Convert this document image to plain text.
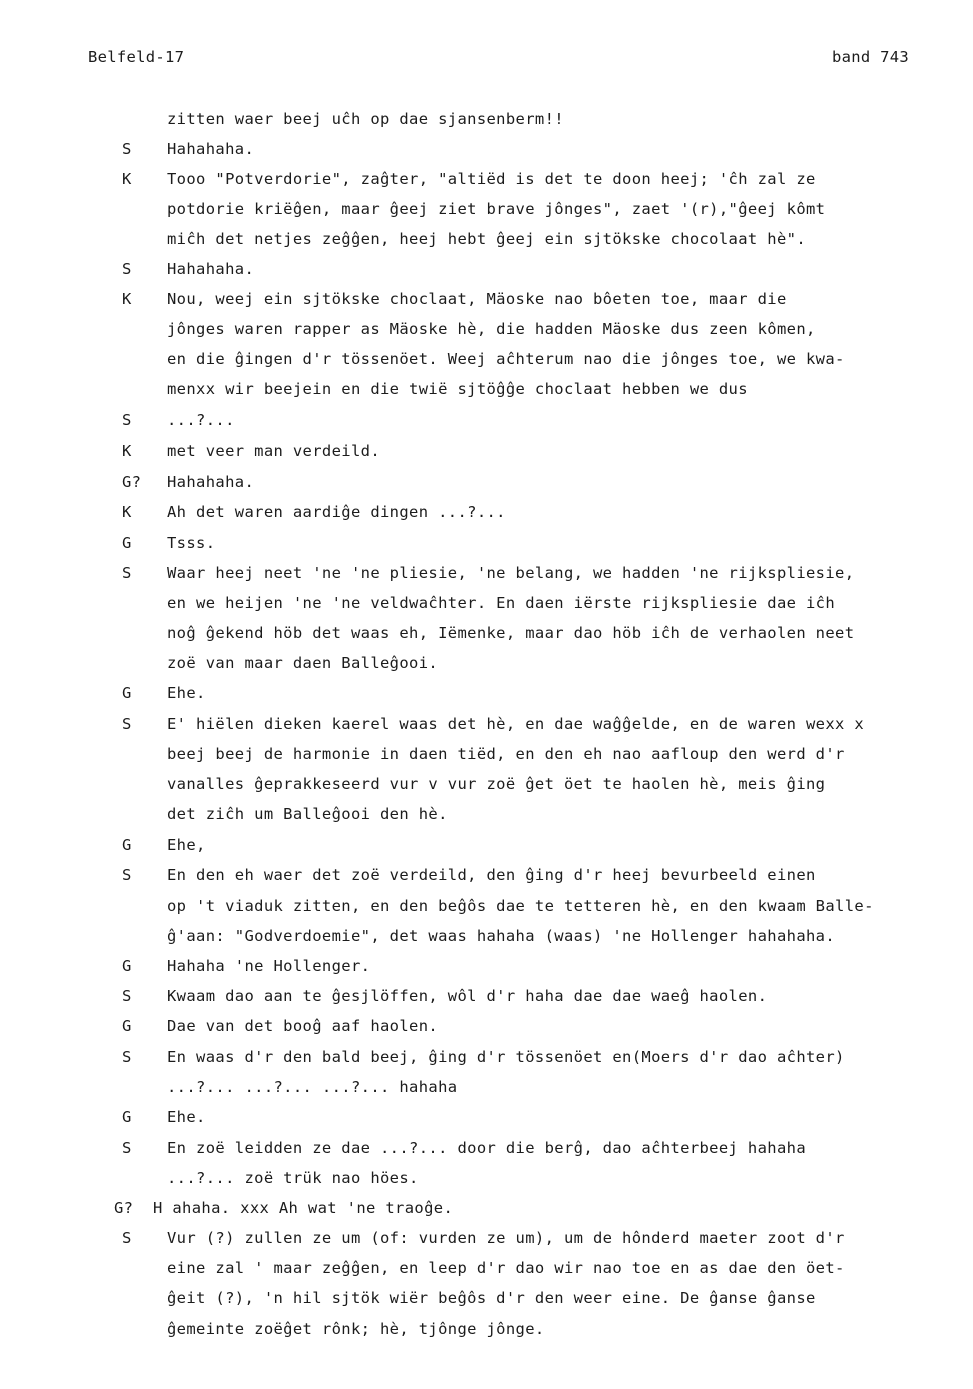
Belfeld-17	band 743
zitten waer beej uĉh op dae sjansenberm!!
S Hahahaha.
K Tooo "Potverdorie", zaĝter, "altiëd is det te doon heej; 'ĉh zal ze
potdorie kriëĝen, maar ĝeej ziet brave jônges", zaet '(r),"ĝeej kômt
miĉh det netjes zeĝĝen, heej hebt ĝeej ein sjtökske chocolaat hè".
S Hahahaha.
K Nou, weej ein sjtökske choclaat, Mäoske nao bôeten toe, maar die
jônges waren rapper as Mäoske hè, die hadden Mäoske dus zeen kômen,
en die ĝingen d'r tössenöet. Weej aĉhterum nao die jônges toe, we kwa-
menxx wir beejein en die twië sjtöĝĝe choclaat hebben we dus
S ...?...
K met veer man verdeild.
G? Hahahaha.
K Ah det waren aardiĝe dingen ...?...
G Tsss.
S Waar heej neet 'ne 'ne pliesie, 'ne belang, we hadden 'ne rijkspliesie,
en we heijen 'ne 'ne veldwaĉhter. En daen iërste rijkspliesie dae iĉh
noĝ ĝekend höb det waas eh, Iëmenke, maar dao höb iĉh de verhaolen neet
zoë van maar daen Balleĝooi.
G Ehe.
S E' hiëlen dieken kaerel waas det hè, en dae waĝĝelde, en de waren wexx x
beej beej de harmonie in daen tiëd, en den eh nao aafloup den werd d'r
vanalles ĝeprakkeseerd vur v vur zoë ĝet öet te haolen hè, meis ĝing
det ziĉh um Balleĝooi den hè.
G Ehe,
S En den eh waer det zoë verdeild, den ĝing d'r heej bevurbeeld einen
op 't viaduk zitten, en den beĝôs dae te tetteren hè, en den kwaam Balle-
ĝ'aan: "Godverdoemie", det waas hahaha (waas) 'ne Hollenger hahahaha.
G Hahaha 'ne Hollenger.
S Kwaam dao aan te ĝesjlöffen, wôl d'r haha dae dae waeĝ haolen.
G Dae van det booĝ aaf haolen.
S En waas d'r den bald beej, ĝing d'r tössenöet en(Moers d'r dao aĉhter)
...?... ...?... ...?... hahaha
G Ehe.
S En zoë leidden ze dae ...?... door die berĝ, dao aĉhterbeej hahaha
...?... zoë trük nao höes.
G? H ahaha. xxx Ah wat 'ne traoĝe.
S Vur (?) zullen ze um (of: vurden ze um), um de hônderd maeter zoot d'r
eine zal ' maar zeĝĝen, en leep d'r dao wir nao toe en as dae den öet-
ĝeit (?), 'n hil sjtök wiër beĝôs d'r den weer eine. De ĝanse ĝanse
ĝemeinte zoëĝet rônk; hè, tjônge jônge.
